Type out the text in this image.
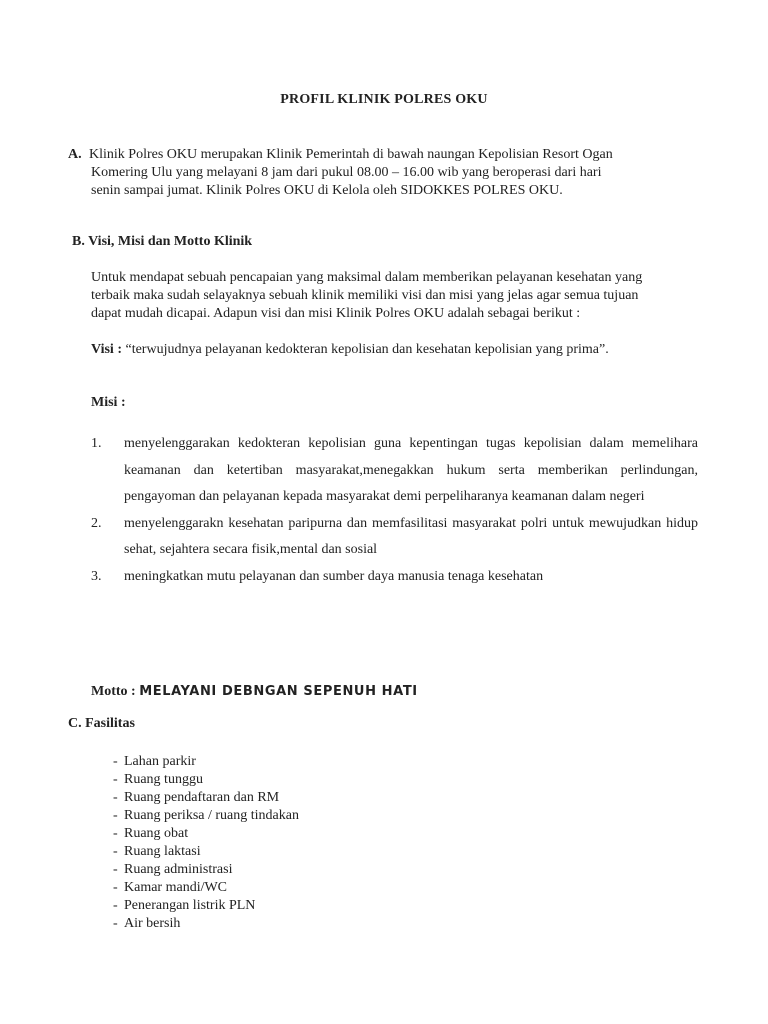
PROFIL KLINIK POLRES OKU
A. Klinik Polres OKU merupakan Klinik Pemerintah di bawah naungan Kepolisian Resort Ogan
Komering Ulu yang melayani 8 jam dari pukul 08.00 – 16.00 wib yang beroperasi dari hari
senin sampai jumat. Klinik Polres OKU di Kelola oleh SIDOKKES POLRES OKU.
B. Visi, Misi dan Motto Klinik
Untuk mendapat sebuah pencapaian yang maksimal dalam memberikan pelayanan kesehatan yang
terbaik maka sudah selayaknya sebuah klinik memiliki visi dan misi yang jelas agar semua tujuan
dapat mudah dicapai. Adapun visi dan misi Klinik Polres OKU adalah sebagai berikut :
Visi : “terwujudnya pelayanan kedokteran kepolisian dan kesehatan kepolisian yang prima”.
Misi :
1.	menyelenggarakan kedokteran kepolisian guna kepentingan tugas kepolisian dalam memelihara keamanan dan ketertiban masyarakat,menegakkan hukum serta memberikan perlindungan, pengayoman dan pelayanan kepada masyarakat demi perpeliharanya keamanan dalam negeri
2.	menyelenggarakn kesehatan paripurna dan memfasilitasi masyarakat polri untuk mewujudkan hidup sehat, sejahtera secara fisik,mental dan sosial
3.	meningkatkan mutu pelayanan dan sumber daya manusia tenaga kesehatan
Motto : MELAYANI DEBNGAN SEPENUH HATI
C. Fasilitas
- Lahan parkir
- Ruang tunggu
- Ruang pendaftaran dan RM
- Ruang periksa / ruang tindakan
- Ruang obat
- Ruang laktasi
- Ruang administrasi
- Kamar mandi/WC
- Penerangan listrik PLN
- Air bersih
